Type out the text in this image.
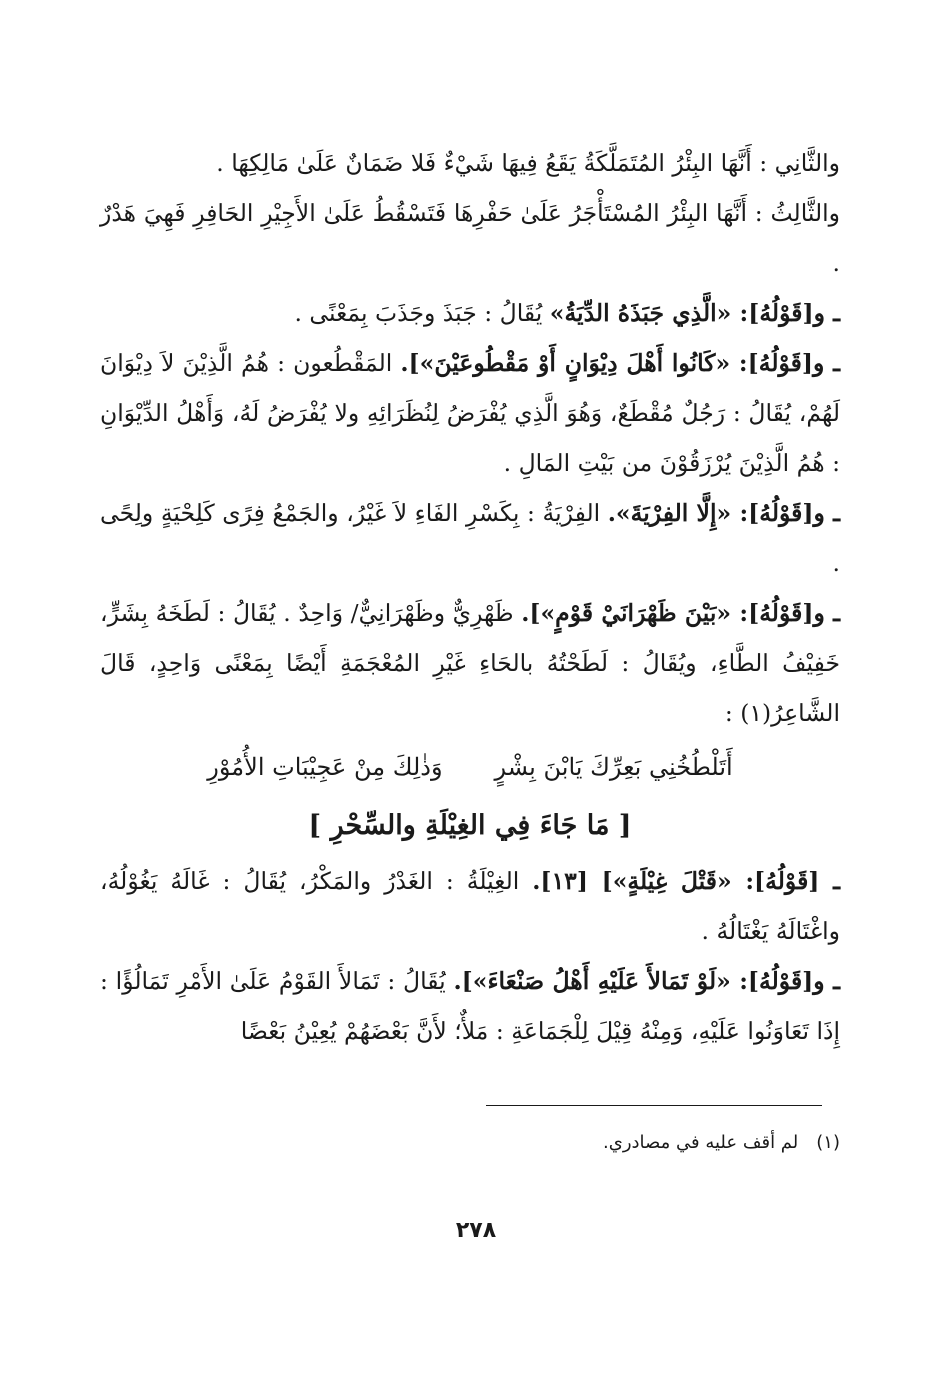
والثَّانِي : أَنَّهَا البِئْرُ المُتَمَلَّكَةُ يَقَعُ فِيهَا شَيْءٌ فَلا ضَمَانٌ عَلَىٰ مَالِكِهَا .

والثَّالِثُ : أَنَّهَا البِئْرُ المُسْتَأْجَرُ عَلَىٰ حَفْرِهَا فَتَسْقُطُ عَلَىٰ الأَجِيْرِ الحَافِرِ فَهِيَ هَدْرٌ .

ـ و[قَوْلُهُ]: «الَّذِي جَبَذَهُ الدِّيَةُ» يُقَالُ : جَبَذَ وجَذَبَ بِمَعْنًى .

ـ و[قَوْلُهُ]: «كَانُوا أَهْلَ دِيْوَانٍ أَوْ مَقْطُوعَيْنَ»]. المَقْطُعون : هُمُ الَّذِيْنَ لاَ دِيْوَانَ لَهُمْ، يُقَالُ : رَجُلٌ مُقْطَعٌ، وَهُوَ الَّذِي يُفْرَضُ لِنُظَرَائِهِ ولا يُفْرَضُ لَهُ، وَأَهْلُ الدِّيْوَانِ : هُمُ الَّذِيْنَ يُرْزَقُوْنَ من بَيْتِ المَالِ .

ـ و[قَوْلُهُ]: «إِلَّا الفِرْيَةَ». الفِرْيَةُ : بِكَسْرِ الفَاءِ لاَ غَيْرُ، والجَمْعُ فِرًى كَلِحْيَةٍ ولِحًى .

ـ و[قَوْلُهُ]: «بَيْنَ ظَهْرَانَيْ قَوْمٍ»]. ظَهْرِيٌّ وظَهْرَانِيٌّ/ وَاحِدٌ . يُقَالُ : لَطَخَهُ بِشَرٍّ، خَفِيْفُ الطَّاءِ، ويُقَالُ : لَطَحْتُهُ بالحَاءِ غَيْرِ المُعْجَمَةِ أَيْضًا بِمَعْنًى وَاحِدٍ، قَالَ الشَّاعِرُ(١) :

أَتَلْطُخُنِي بَعِرِّكَ يَابْنَ بِشْرٍ
وَذٰلِكَ مِنْ عَجِيْبَاتِ الأُمُوْرِ
[ مَا جَاءَ فِي الغِيْلَةِ والسِّحْرِ ]

ـ [قَوْلُهُ]: «قَتْلَ غِيْلَةٍ»] [١٣]. الغِيْلَةُ : الغَدْرُ والمَكْرُ، يُقَالُ : غَالَهُ يَغُوْلُهُ، واغْتَالَهُ يَغْتَالُهُ .

ـ و[قَوْلُهُ]: «لَوْ تَمَالأَ عَلَيْهِ أَهْلُ صَنْعَاءَ»]. يُقَالُ : تَمَالأَ القَوْمُ عَلَىٰ الأَمْرِ تَمَالُؤًا : إِذَا تَعَاوَنُوا عَلَيْهِ، وَمِنْهُ قِيْلَ لِلْجَمَاعَةِ : مَلأٌ؛ لأَنَّ بَعْضَهُمْ يُعِيْنُ بَعْضًا

(١)لم أقف عليه في مصادري.
٢٧٨
